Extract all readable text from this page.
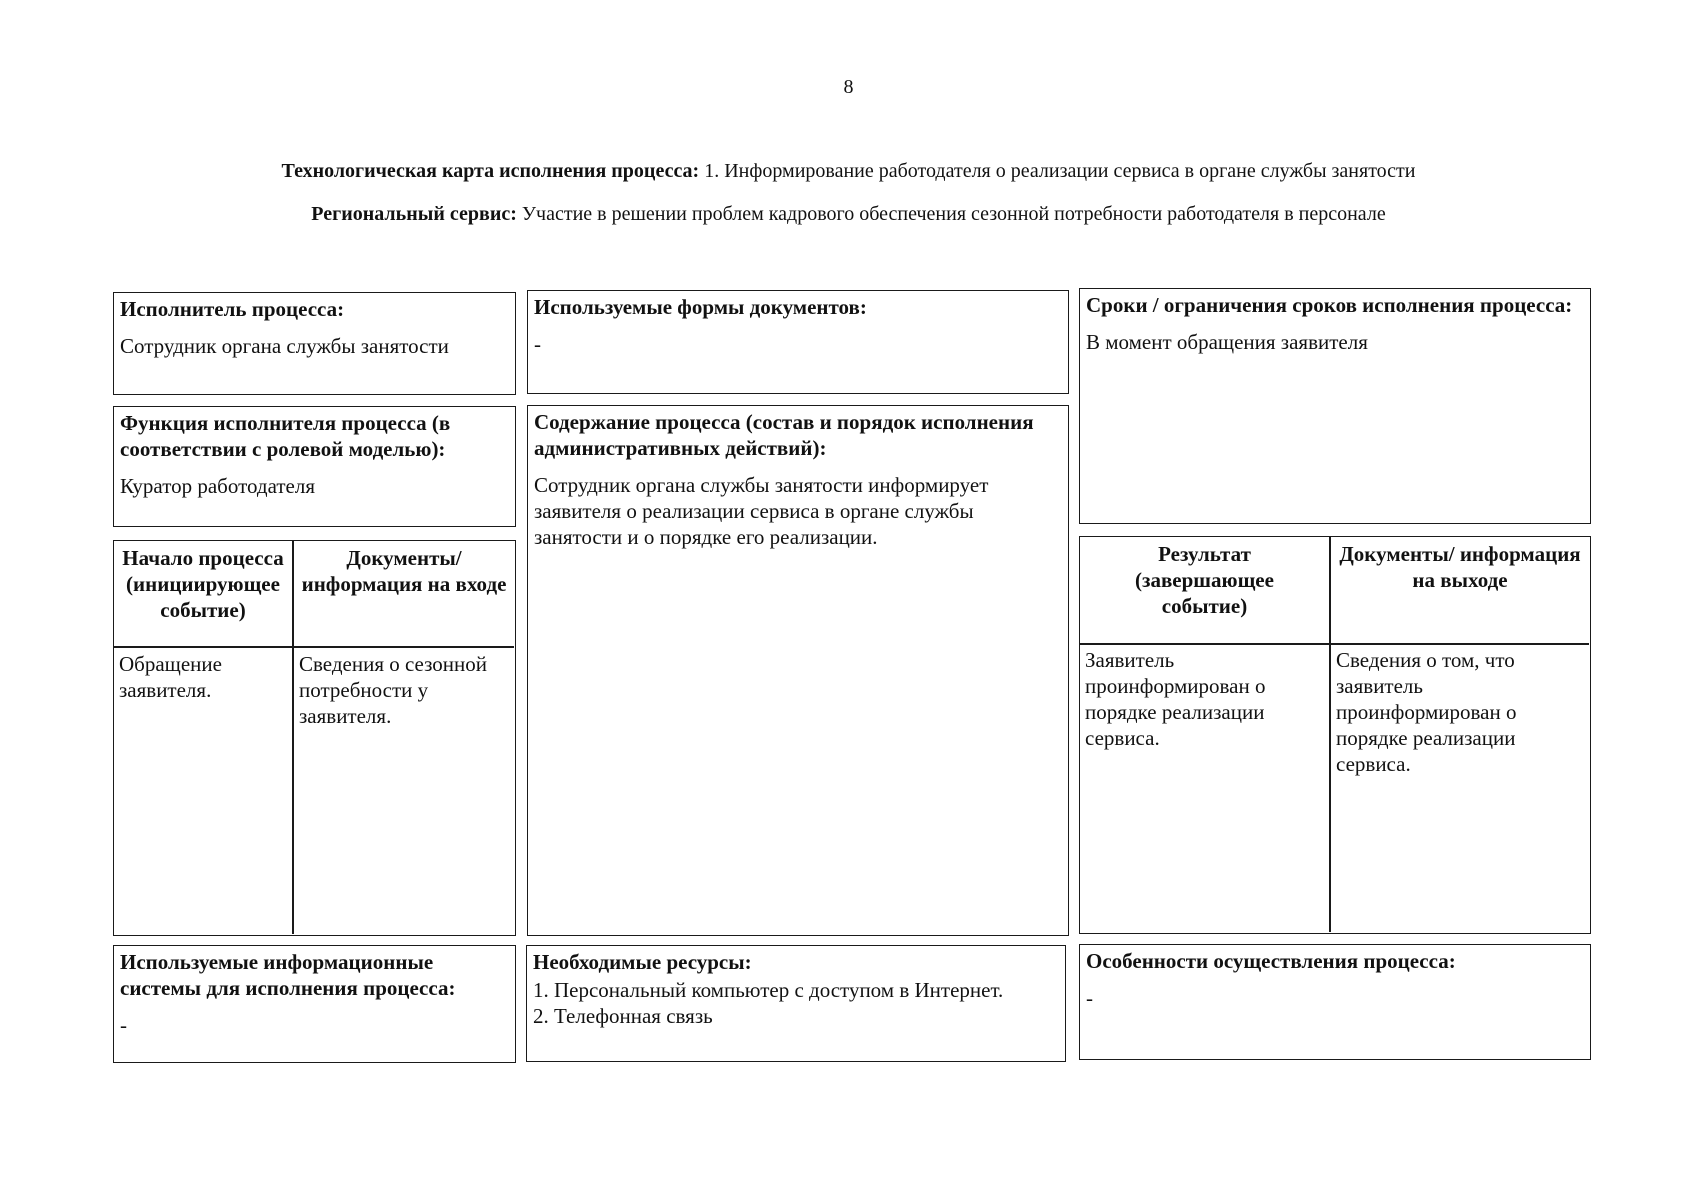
8
Технологическая карта исполнения процесса: 1. Информирование работодателя о реализации сервиса в органе службы занятости
Региональный сервис: Участие в решении проблем кадрового обеспечения сезонной потребности работодателя в персонале
Исполнитель процесса:
Сотрудник органа службы занятости
Используемые формы документов:
-
Сроки / ограничения сроков исполнения процесса:
В момент обращения заявителя
Функция исполнителя процесса (в соответствии с ролевой моделью):
Куратор работодателя
Содержание процесса (состав и порядок исполнения административных действий):
Сотрудник органа службы занятости информирует заявителя о реализации сервиса в органе службы занятости и о порядке его реализации.
Начало процесса (инициирующее событие)
Документы/ информация на входе
Обращение заявителя.
Сведения о сезонной потребности у заявителя.
Результат (завершающее событие)
Документы/ информация на выходе
Заявитель проинформирован о порядке реализации сервиса.
Сведения о том, что заявитель проинформирован о порядке реализации сервиса.
Используемые информационные системы для исполнения процесса:
-
Необходимые ресурсы:
1. Персональный компьютер с доступом в Интернет.
2. Телефонная связь
Особенности осуществления процесса:
-
